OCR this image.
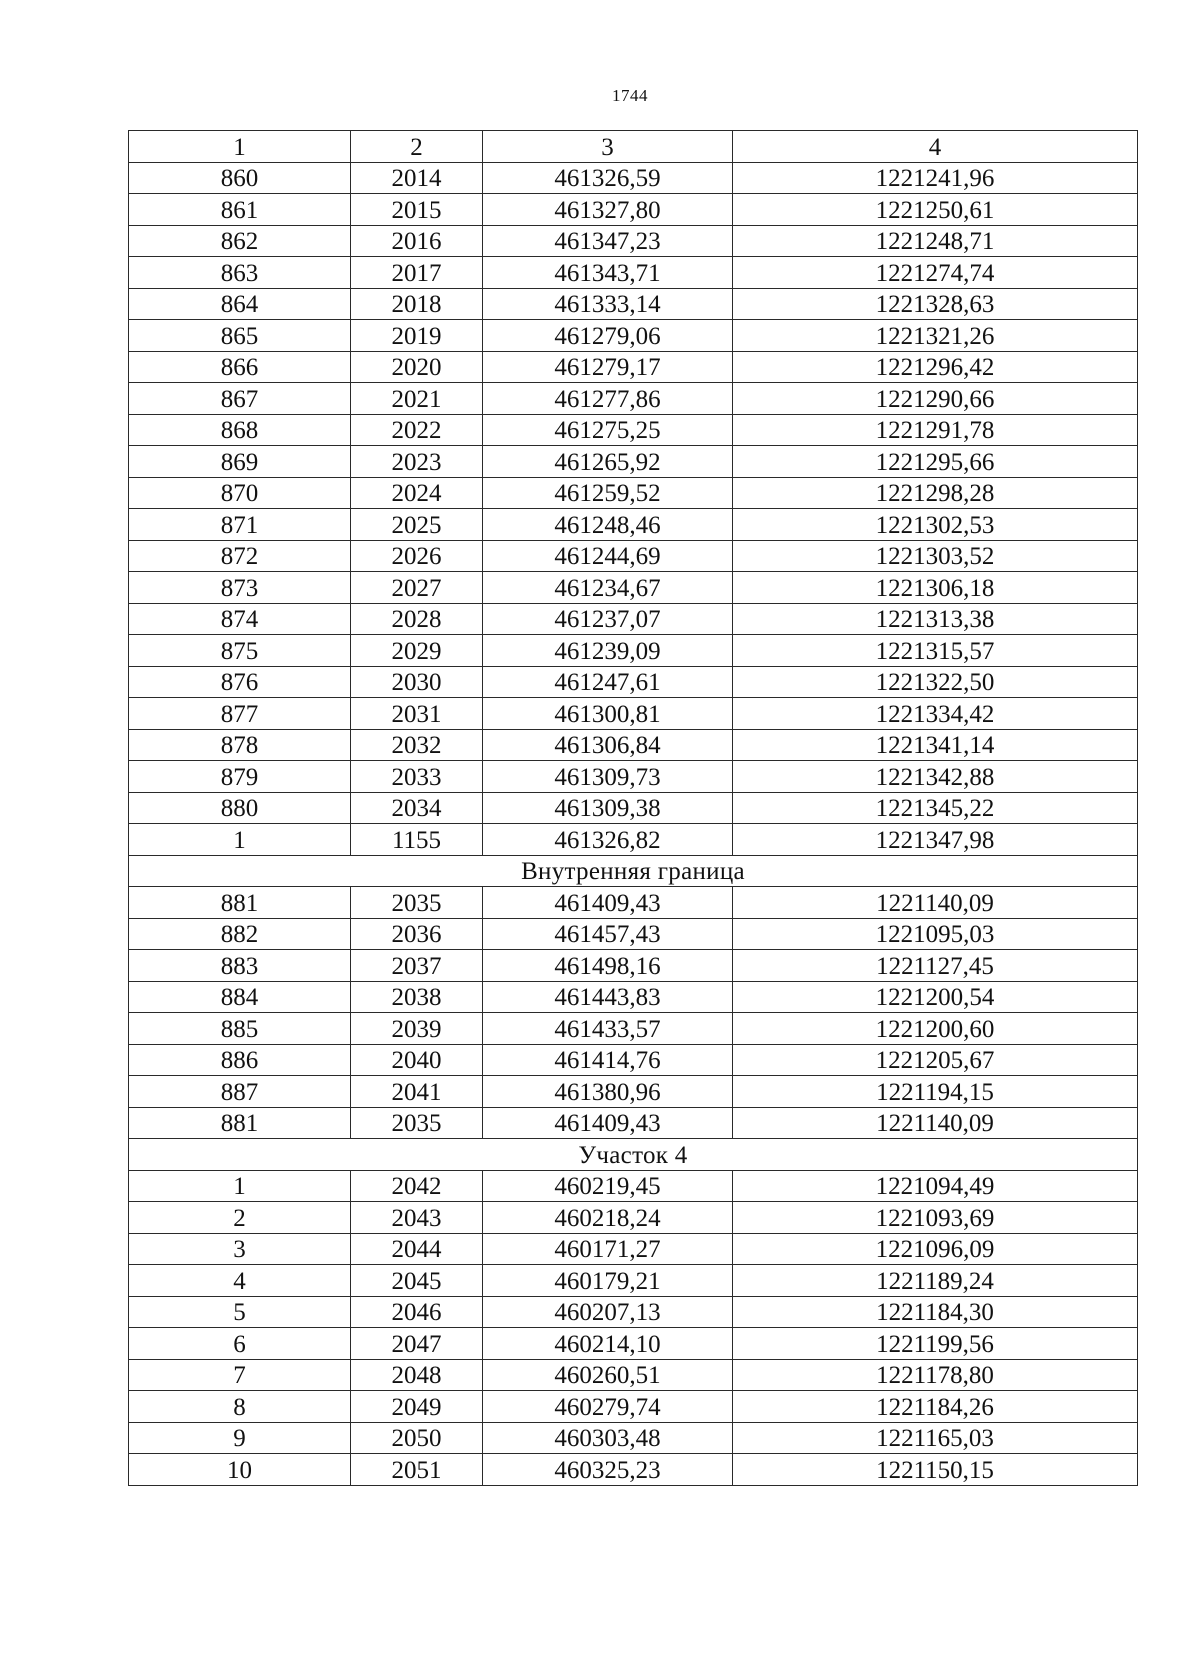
1744
1	2	3	4
860	2014	461326,59	1221241,96
861	2015	461327,80	1221250,61
862	2016	461347,23	1221248,71
863	2017	461343,71	1221274,74
864	2018	461333,14	1221328,63
865	2019	461279,06	1221321,26
866	2020	461279,17	1221296,42
867	2021	461277,86	1221290,66
868	2022	461275,25	1221291,78
869	2023	461265,92	1221295,66
870	2024	461259,52	1221298,28
871	2025	461248,46	1221302,53
872	2026	461244,69	1221303,52
873	2027	461234,67	1221306,18
874	2028	461237,07	1221313,38
875	2029	461239,09	1221315,57
876	2030	461247,61	1221322,50
877	2031	461300,81	1221334,42
878	2032	461306,84	1221341,14
879	2033	461309,73	1221342,88
880	2034	461309,38	1221345,22
1	1155	461326,82	1221347,98
Внутренняя граница			
881	2035	461409,43	1221140,09
882	2036	461457,43	1221095,03
883	2037	461498,16	1221127,45
884	2038	461443,83	1221200,54
885	2039	461433,57	1221200,60
886	2040	461414,76	1221205,67
887	2041	461380,96	1221194,15
881	2035	461409,43	1221140,09
Участок 4			
1	2042	460219,45	1221094,49
2	2043	460218,24	1221093,69
3	2044	460171,27	1221096,09
4	2045	460179,21	1221189,24
5	2046	460207,13	1221184,30
6	2047	460214,10	1221199,56
7	2048	460260,51	1221178,80
8	2049	460279,74	1221184,26
9	2050	460303,48	1221165,03
10	2051	460325,23	1221150,15
